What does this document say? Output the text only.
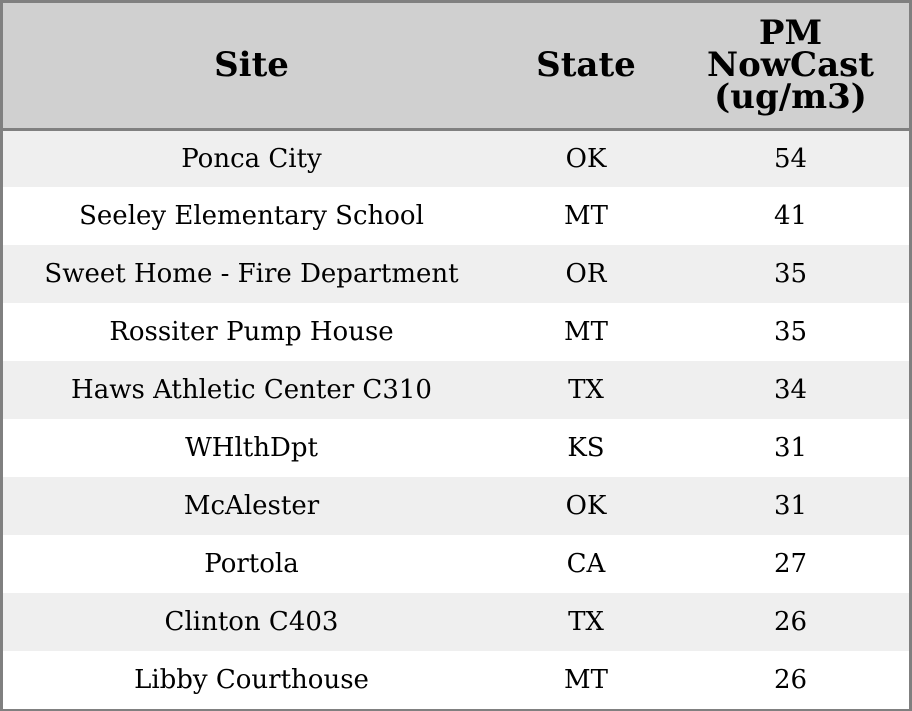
Site	State	PM
NowCast
(ug/m3)
Ponca City	OK	54
Seeley Elementary School	MT	41
Sweet Home - Fire Department	OR	35
Rossiter Pump House	MT	35
Haws Athletic Center C310	TX	34
WHlthDpt	KS	31
McAlester	OK	31
Portola	CA	27
Clinton C403	TX	26
Libby Courthouse	MT	26
